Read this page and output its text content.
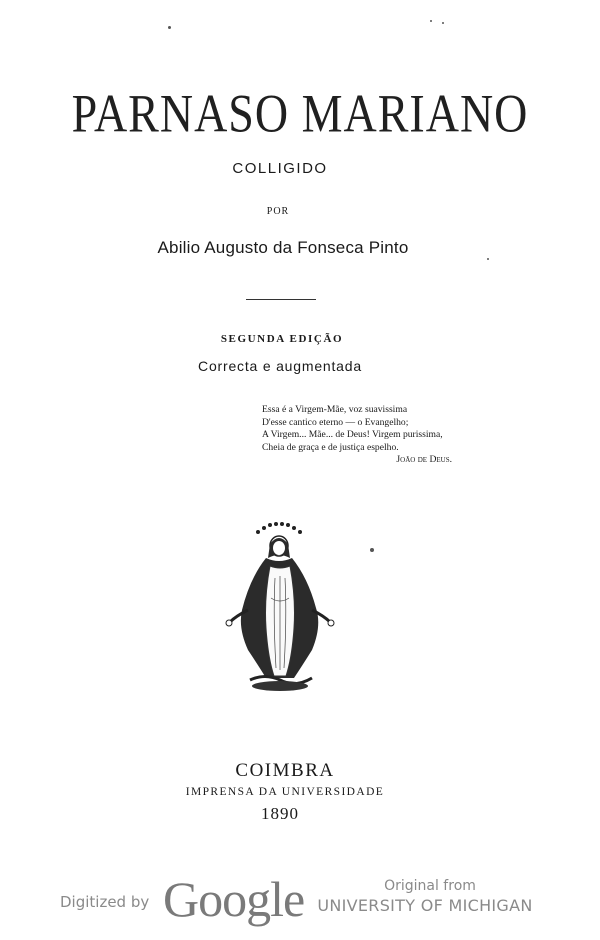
PARNASO MARIANO
COLLIGIDO
POR
Abilio Augusto da Fonseca Pinto
SEGUNDA EDIÇÃO
Correcta e augmentada
Essa é a Virgem-Mãe, voz suavissima
D'esse cantico eterno — o Evangelho;
A Virgem... Mãe... de Deus! Virgem purissima,
Cheia de graça e de justiça espelho.
João de Deus.
COIMBRA
IMPRENSA DA UNIVERSIDADE
1890
Digitized by Google	Original from
UNIVERSITY OF MICHIGAN
